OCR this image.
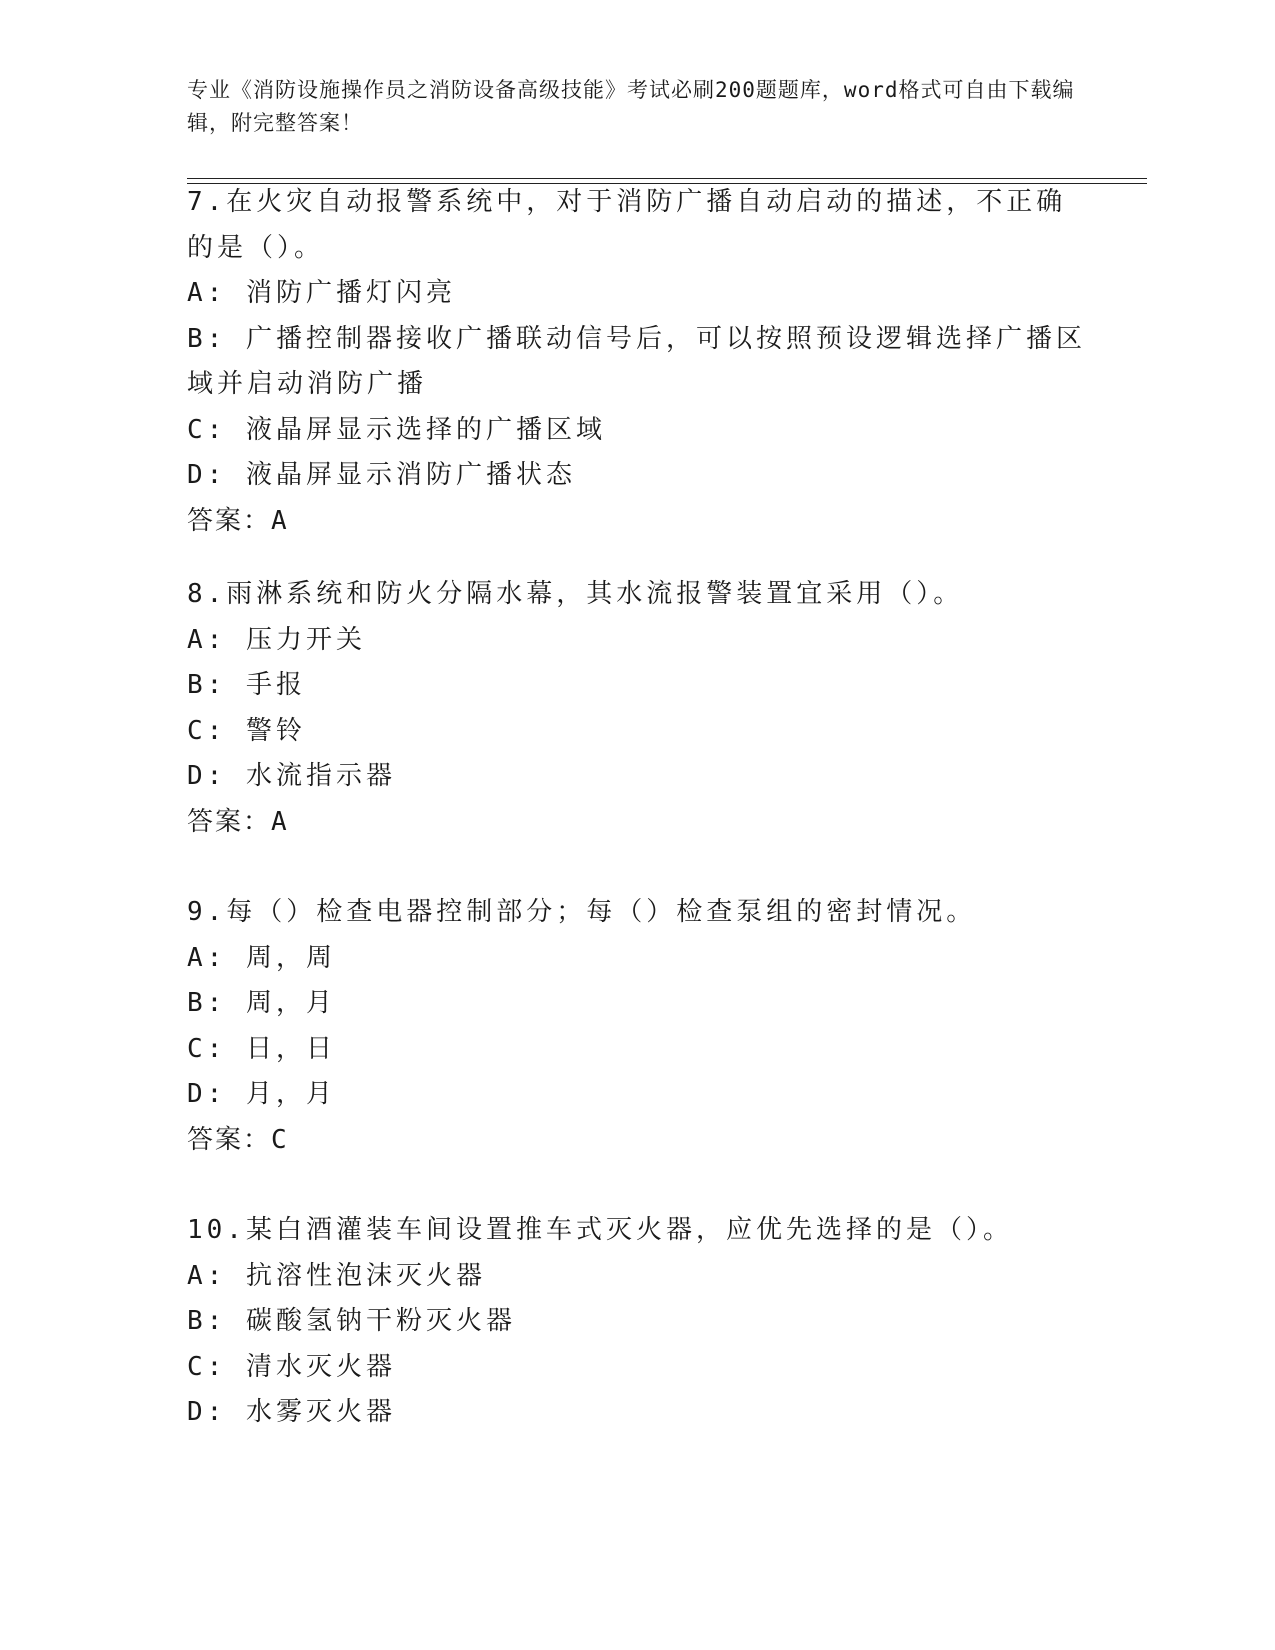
专业《消防设施操作员之消防设备高级技能》考试必刷200题题库，word格式可自由下载编辑，附完整答案！
7.在火灾自动报警系统中，对于消防广播自动启动的描述，不正确的是（）。
A: 消防广播灯闪亮
B: 广播控制器接收广播联动信号后，可以按照预设逻辑选择广播区域并启动消防广播
C: 液晶屏显示选择的广播区域
D: 液晶屏显示消防广播状态
答案：A
8.雨淋系统和防火分隔水幕，其水流报警装置宜采用（）。
A: 压力开关
B: 手报
C: 警铃
D: 水流指示器
答案：A
9.每（）检查电器控制部分；每（）检查泵组的密封情况。
A: 周，周
B: 周，月
C: 日，日
D: 月，月
答案：C
10.某白酒灌装车间设置推车式灭火器，应优先选择的是（）。
A: 抗溶性泡沫灭火器
B: 碳酸氢钠干粉灭火器
C: 清水灭火器
D: 水雾灭火器
